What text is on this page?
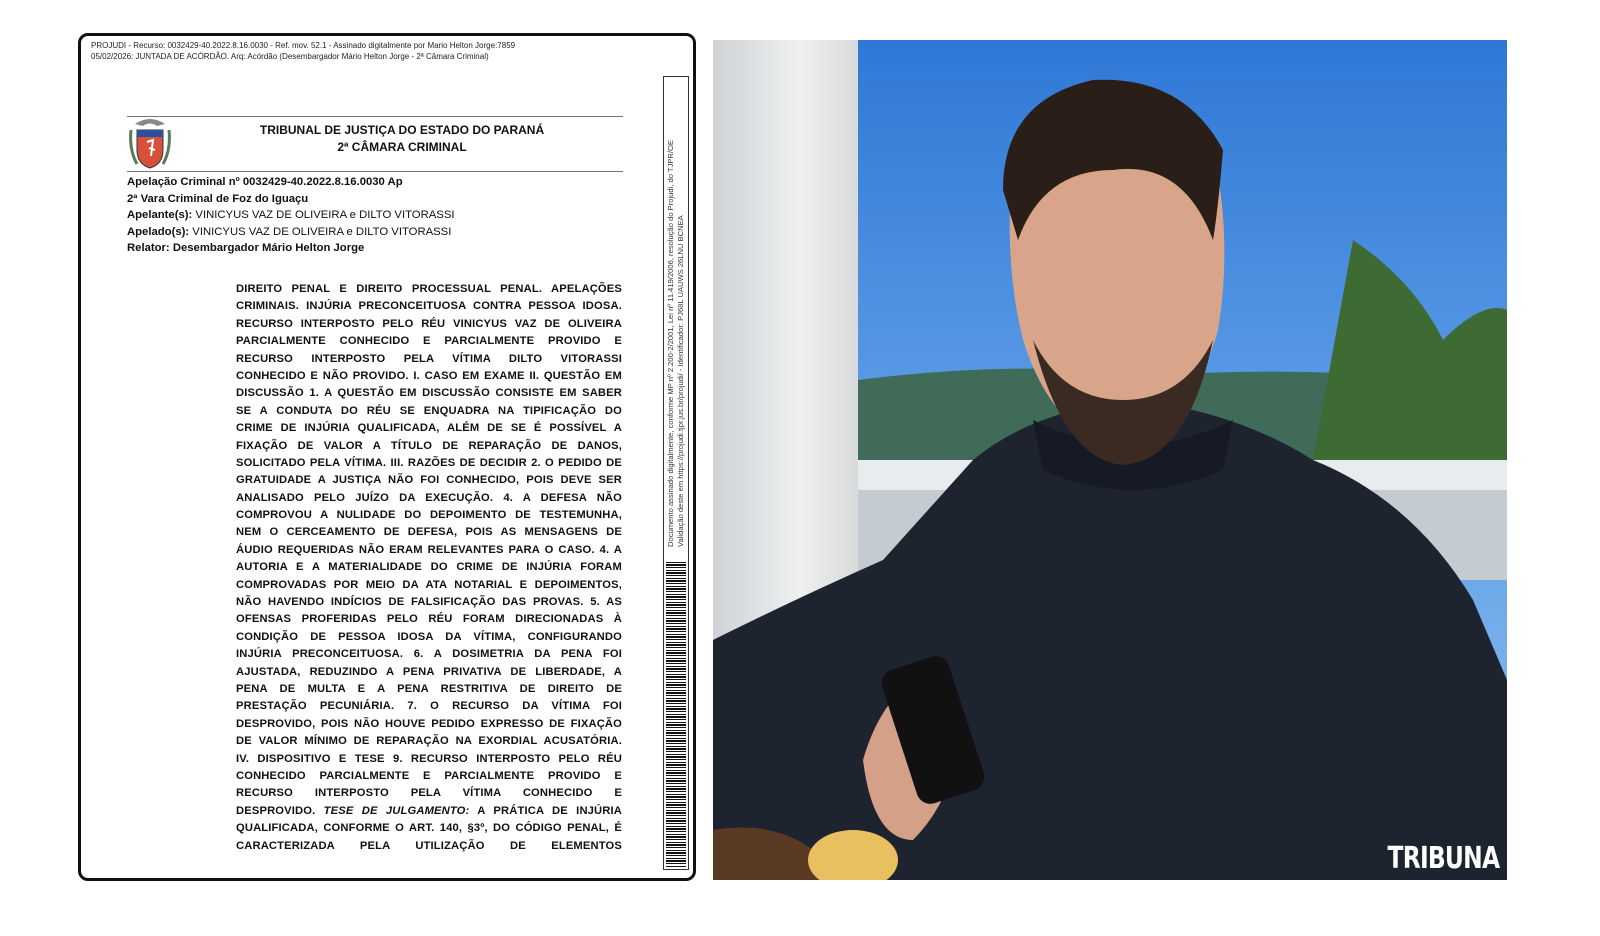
PROJUDI - Recurso: 0032429-40.2022.8.16.0030 - Ref. mov. 52.1 - Assinado digitalmente por Mario Helton Jorge:7859
05/02/2026: JUNTADA DE ACÓRDÃO. Arq: Acórdão (Desembargador Mário Helton Jorge - 2ª Câmara Criminal)
TRIBUNAL DE JUSTIÇA DO ESTADO DO PARANÁ
2ª CÂMARA CRIMINAL
Apelação Criminal nº 0032429-40.2022.8.16.0030 Ap
2ª Vara Criminal de Foz do Iguaçu
Apelante(s): VINICYUS VAZ DE OLIVEIRA e DILTO VITORASSI
Apelado(s): VINICYUS VAZ DE OLIVEIRA e DILTO VITORASSI
Relator: Desembargador Mário Helton Jorge
DIREITO PENAL E DIREITO PROCESSUAL PENAL. APELAÇÕES
CRIMINAIS. INJÚRIA PRECONCEITUOSA CONTRA PESSOA IDOSA.
RECURSO INTERPOSTO PELO RÉU VINICYUS VAZ DE OLIVEIRA
PARCIALMENTE CONHECIDO E PARCIALMENTE PROVIDO E
RECURSO INTERPOSTO PELA VÍTIMA DILTO VITORASSI
CONHECIDO E NÃO PROVIDO. I. CASO EM EXAME II. QUESTÃO EM
DISCUSSÃO 1. A QUESTÃO EM DISCUSSÃO CONSISTE EM SABER
SE A CONDUTA DO RÉU SE ENQUADRA NA TIPIFICAÇÃO DO
CRIME DE INJÚRIA QUALIFICADA, ALÉM DE SE É POSSÍVEL A
FIXAÇÃO DE VALOR A TÍTULO DE REPARAÇÃO DE DANOS,
SOLICITADO PELA VÍTIMA. III. RAZÕES DE DECIDIR 2. O PEDIDO DE
GRATUIDADE A JUSTIÇA NÃO FOI CONHECIDO, POIS DEVE SER
ANALISADO PELO JUÍZO DA EXECUÇÃO. 4. A DEFESA NÃO
COMPROVOU A NULIDADE DO DEPOIMENTO DE TESTEMUNHA,
NEM O CERCEAMENTO DE DEFESA, POIS AS MENSAGENS DE
ÁUDIO REQUERIDAS NÃO ERAM RELEVANTES PARA O CASO. 4. A
AUTORIA E A MATERIALIDADE DO CRIME DE INJÚRIA FORAM
COMPROVADAS POR MEIO DA ATA NOTARIAL E DEPOIMENTOS,
NÃO HAVENDO INDÍCIOS DE FALSIFICAÇÃO DAS PROVAS. 5. AS
OFENSAS PROFERIDAS PELO RÉU FORAM DIRECIONADAS À
CONDIÇÃO DE PESSOA IDOSA DA VÍTIMA, CONFIGURANDO
INJÚRIA PRECONCEITUOSA. 6. A DOSIMETRIA DA PENA FOI
AJUSTADA, REDUZINDO A PENA PRIVATIVA DE LIBERDADE, A
PENA DE MULTA E A PENA RESTRITIVA DE DIREITO DE
PRESTAÇÃO PECUNIÁRIA. 7. O RECURSO DA VÍTIMA FOI
DESPROVIDO, POIS NÃO HOUVE PEDIDO EXPRESSO DE FIXAÇÃO
DE VALOR MÍNIMO DE REPARAÇÃO NA EXORDIAL ACUSATÓRIA.
IV. DISPOSITIVO E TESE 9. RECURSO INTERPOSTO PELO RÉU
CONHECIDO PARCIALMENTE E PARCIALMENTE PROVIDO E
RECURSO INTERPOSTO PELA VÍTIMA CONHECIDO E
DESPROVIDO. TESE DE JULGAMENTO: A PRÁTICA DE INJÚRIA
QUALIFICADA, CONFORME O ART. 140, §3º, DO CÓDIGO PENAL, É
CARACTERIZADA PELA UTILIZAÇÃO DE ELEMENTOS
Documento assinado digitalmente, conforme MP nº 2.200-2/2001, Lei nº 11.419/2006, resolução do Projudi, do TJPR/OE Validação deste em https://projudi.tjpr.jus.br/projudi/ - Identificador: PJ68L UAUWS 26LNU BCNEA
TRIBUNA
